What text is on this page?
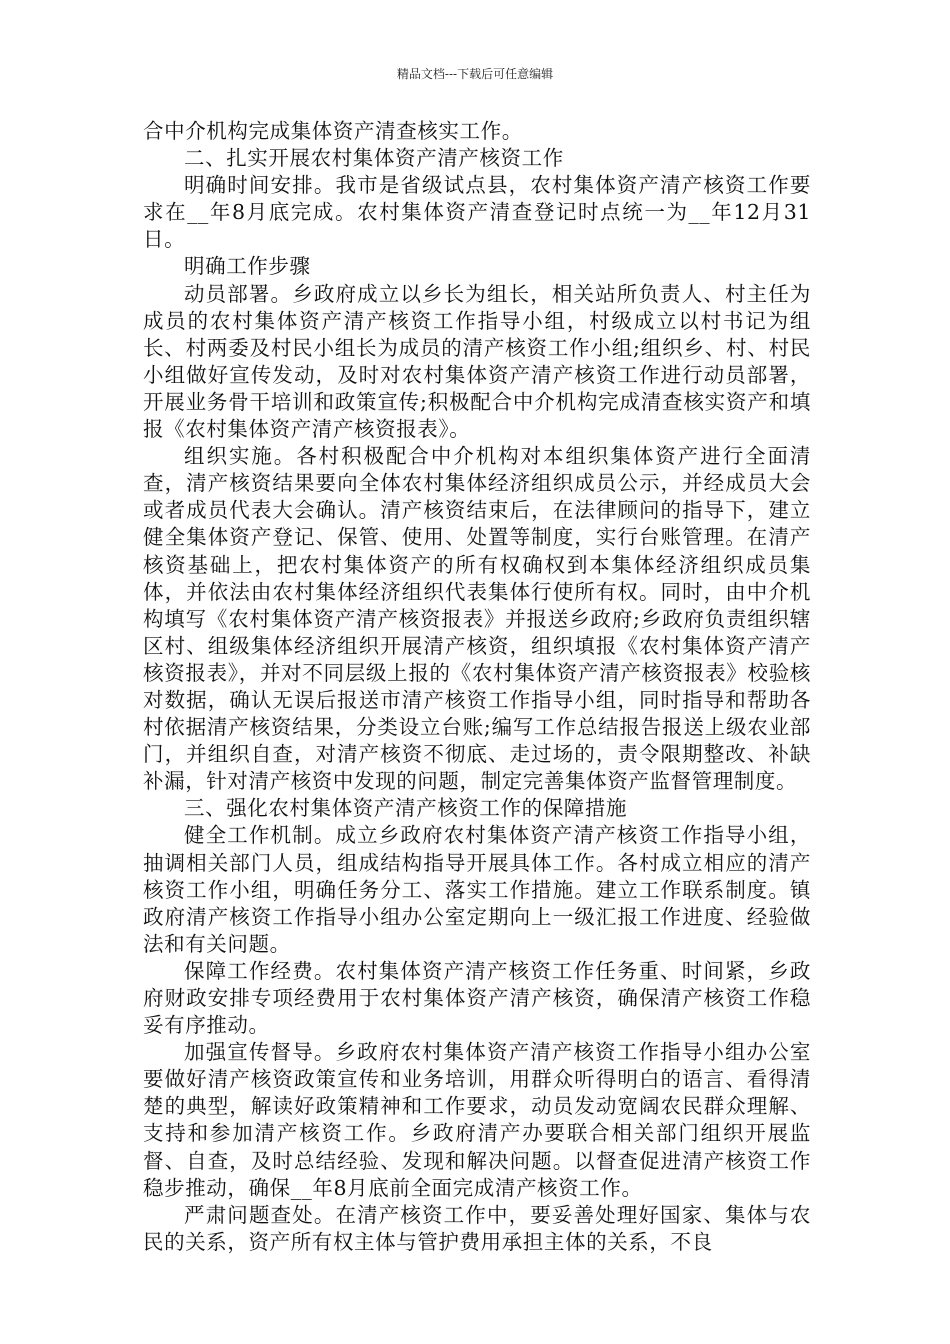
精品文档---下载后可任意编辑

合中介机构完成集体资产清查核实工作。

二、扎实开展农村集体资产清产核资工作

明确时间安排。我市是省级试点县，农村集体资产清产核资工作要求在__年8月底完成。农村集体资产清查登记时点统一为__年12月31日。

明确工作步骤

动员部署。乡政府成立以乡长为组长，相关站所负责人、村主任为成员的农村集体资产清产核资工作指导小组，村级成立以村书记为组长、村两委及村民小组长为成员的清产核资工作小组;组织乡、村、村民小组做好宣传发动，及时对农村集体资产清产核资工作进行动员部署，开展业务骨干培训和政策宣传;积极配合中介机构完成清查核实资产和填报《农村集体资产清产核资报表》。

组织实施。各村积极配合中介机构对本组织集体资产进行全面清查，清产核资结果要向全体农村集体经济组织成员公示，并经成员大会或者成员代表大会确认。清产核资结束后，在法律顾问的指导下，建立健全集体资产登记、保管、使用、处置等制度，实行台账管理。在清产核资基础上，把农村集体资产的所有权确权到本集体经济组织成员集体，并依法由农村集体经济组织代表集体行使所有权。同时，由中介机构填写《农村集体资产清产核资报表》并报送乡政府;乡政府负责组织辖区村、组级集体经济组织开展清产核资，组织填报《农村集体资产清产核资报表》，并对不同层级上报的《农村集体资产清产核资报表》校验核对数据，确认无误后报送市清产核资工作指导小组，同时指导和帮助各村依据清产核资结果，分类设立台账;编写工作总结报告报送上级农业部门，并组织自查，对清产核资不彻底、走过场的，责令限期整改、补缺补漏，针对清产核资中发现的问题，制定完善集体资产监督管理制度。

三、强化农村集体资产清产核资工作的保障措施

健全工作机制。成立乡政府农村集体资产清产核资工作指导小组，抽调相关部门人员，组成结构指导开展具体工作。各村成立相应的清产核资工作小组，明确任务分工、落实工作措施。建立工作联系制度。镇政府清产核资工作指导小组办公室定期向上一级汇报工作进度、经验做法和有关问题。

保障工作经费。农村集体资产清产核资工作任务重、时间紧，乡政府财政安排专项经费用于农村集体资产清产核资，确保清产核资工作稳妥有序推动。

加强宣传督导。乡政府农村集体资产清产核资工作指导小组办公室要做好清产核资政策宣传和业务培训，用群众听得明白的语言、看得清楚的典型，解读好政策精神和工作要求，动员发动宽阔农民群众理解、支持和参加清产核资工作。乡政府清产办要联合相关部门组织开展监督、自查，及时总结经验、发现和解决问题。以督查促进清产核资工作稳步推动，确保__年8月底前全面完成清产核资工作。

严肃问题查处。在清产核资工作中，要妥善处理好国家、集体与农民的关系，资产所有权主体与管护费用承担主体的关系，不良
